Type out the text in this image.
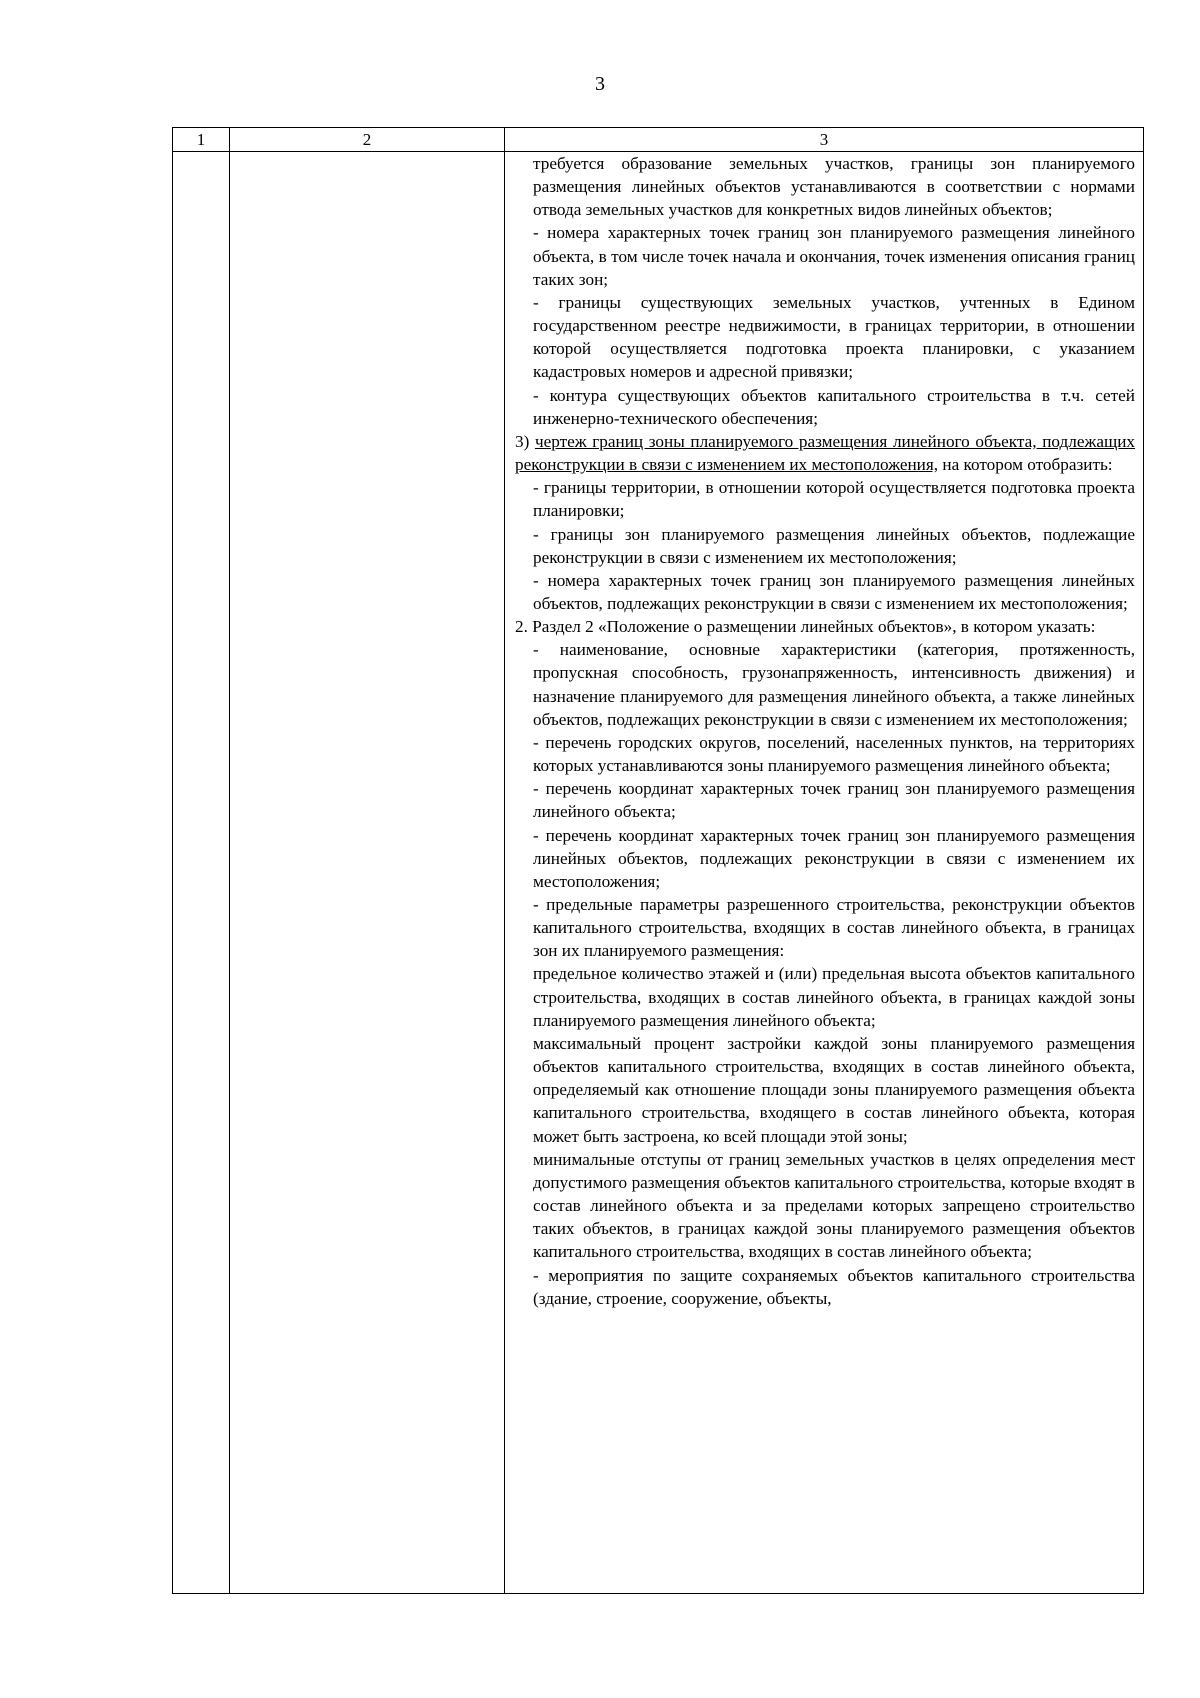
3
1	2	3

требуется образование земельных участков, границы зон планируемого размещения линейных объектов устанавливаются в соответствии с нормами отвода земельных участков для конкретных видов линейных объектов;

- номера характерных точек границ зон планируемого размещения линейного объекта, в том числе точек начала и окончания, точек изменения описания границ таких зон;

- границы существующих земельных участков, учтенных в Едином государственном реестре недвижимости, в границах территории, в отношении которой осуществляется подготовка проекта планировки, с указанием кадастровых номеров и адресной привязки;

- контура существующих объектов капитального строительства в т.ч. сетей инженерно-технического обеспечения;

3) чертеж границ зоны планируемого размещения линейного объекта, подлежащих реконструкции в связи с изменением их местоположения, на котором отобразить:

- границы территории, в отношении которой осуществляется подготовка проекта планировки;

- границы зон планируемого размещения линейных объектов, подлежащие реконструкции в связи с изменением их местоположения;

- номера характерных точек границ зон планируемого размещения линейных объектов, подлежащих реконструкции в связи с изменением их местоположения;

2. Раздел 2 «Положение о размещении линейных объектов», в котором указать:

- наименование, основные характеристики (категория, протяженность, пропускная способность, грузонапряженность, интенсивность движения) и назначение планируемого для размещения линейного объекта, а также линейных объектов, подлежащих реконструкции в связи с изменением их местоположения;

- перечень городских округов, поселений, населенных пунктов, на территориях которых устанавливаются зоны планируемого размещения линейного объекта;

- перечень координат характерных точек границ зон планируемого размещения линейного объекта;

- перечень координат характерных точек границ зон планируемого размещения линейных объектов, подлежащих реконструкции в связи с изменением их местоположения;

- предельные параметры разрешенного строительства, реконструкции объектов капитального строительства, входящих в состав линейного объекта, в границах зон их планируемого размещения:

предельное количество этажей и (или) предельная высота объектов капитального строительства, входящих в состав линейного объекта, в границах каждой зоны планируемого размещения линейного объекта;

максимальный процент застройки каждой зоны планируемого размещения объектов капитального строительства, входящих в состав линейного объекта, определяемый как отношение площади зоны планируемого размещения объекта капитального строительства, входящего в состав линейного объекта, которая может быть застроена, ко всей площади этой зоны;

минимальные отступы от границ земельных участков в целях определения мест допустимого размещения объектов капитального строительства, которые входят в состав линейного объекта и за пределами которых запрещено строительство таких объектов, в границах каждой зоны планируемого размещения объектов капитального строительства, входящих в состав линейного объекта;

- мероприятия по защите сохраняемых объектов капитального строительства (здание, строение, сооружение, объекты,
